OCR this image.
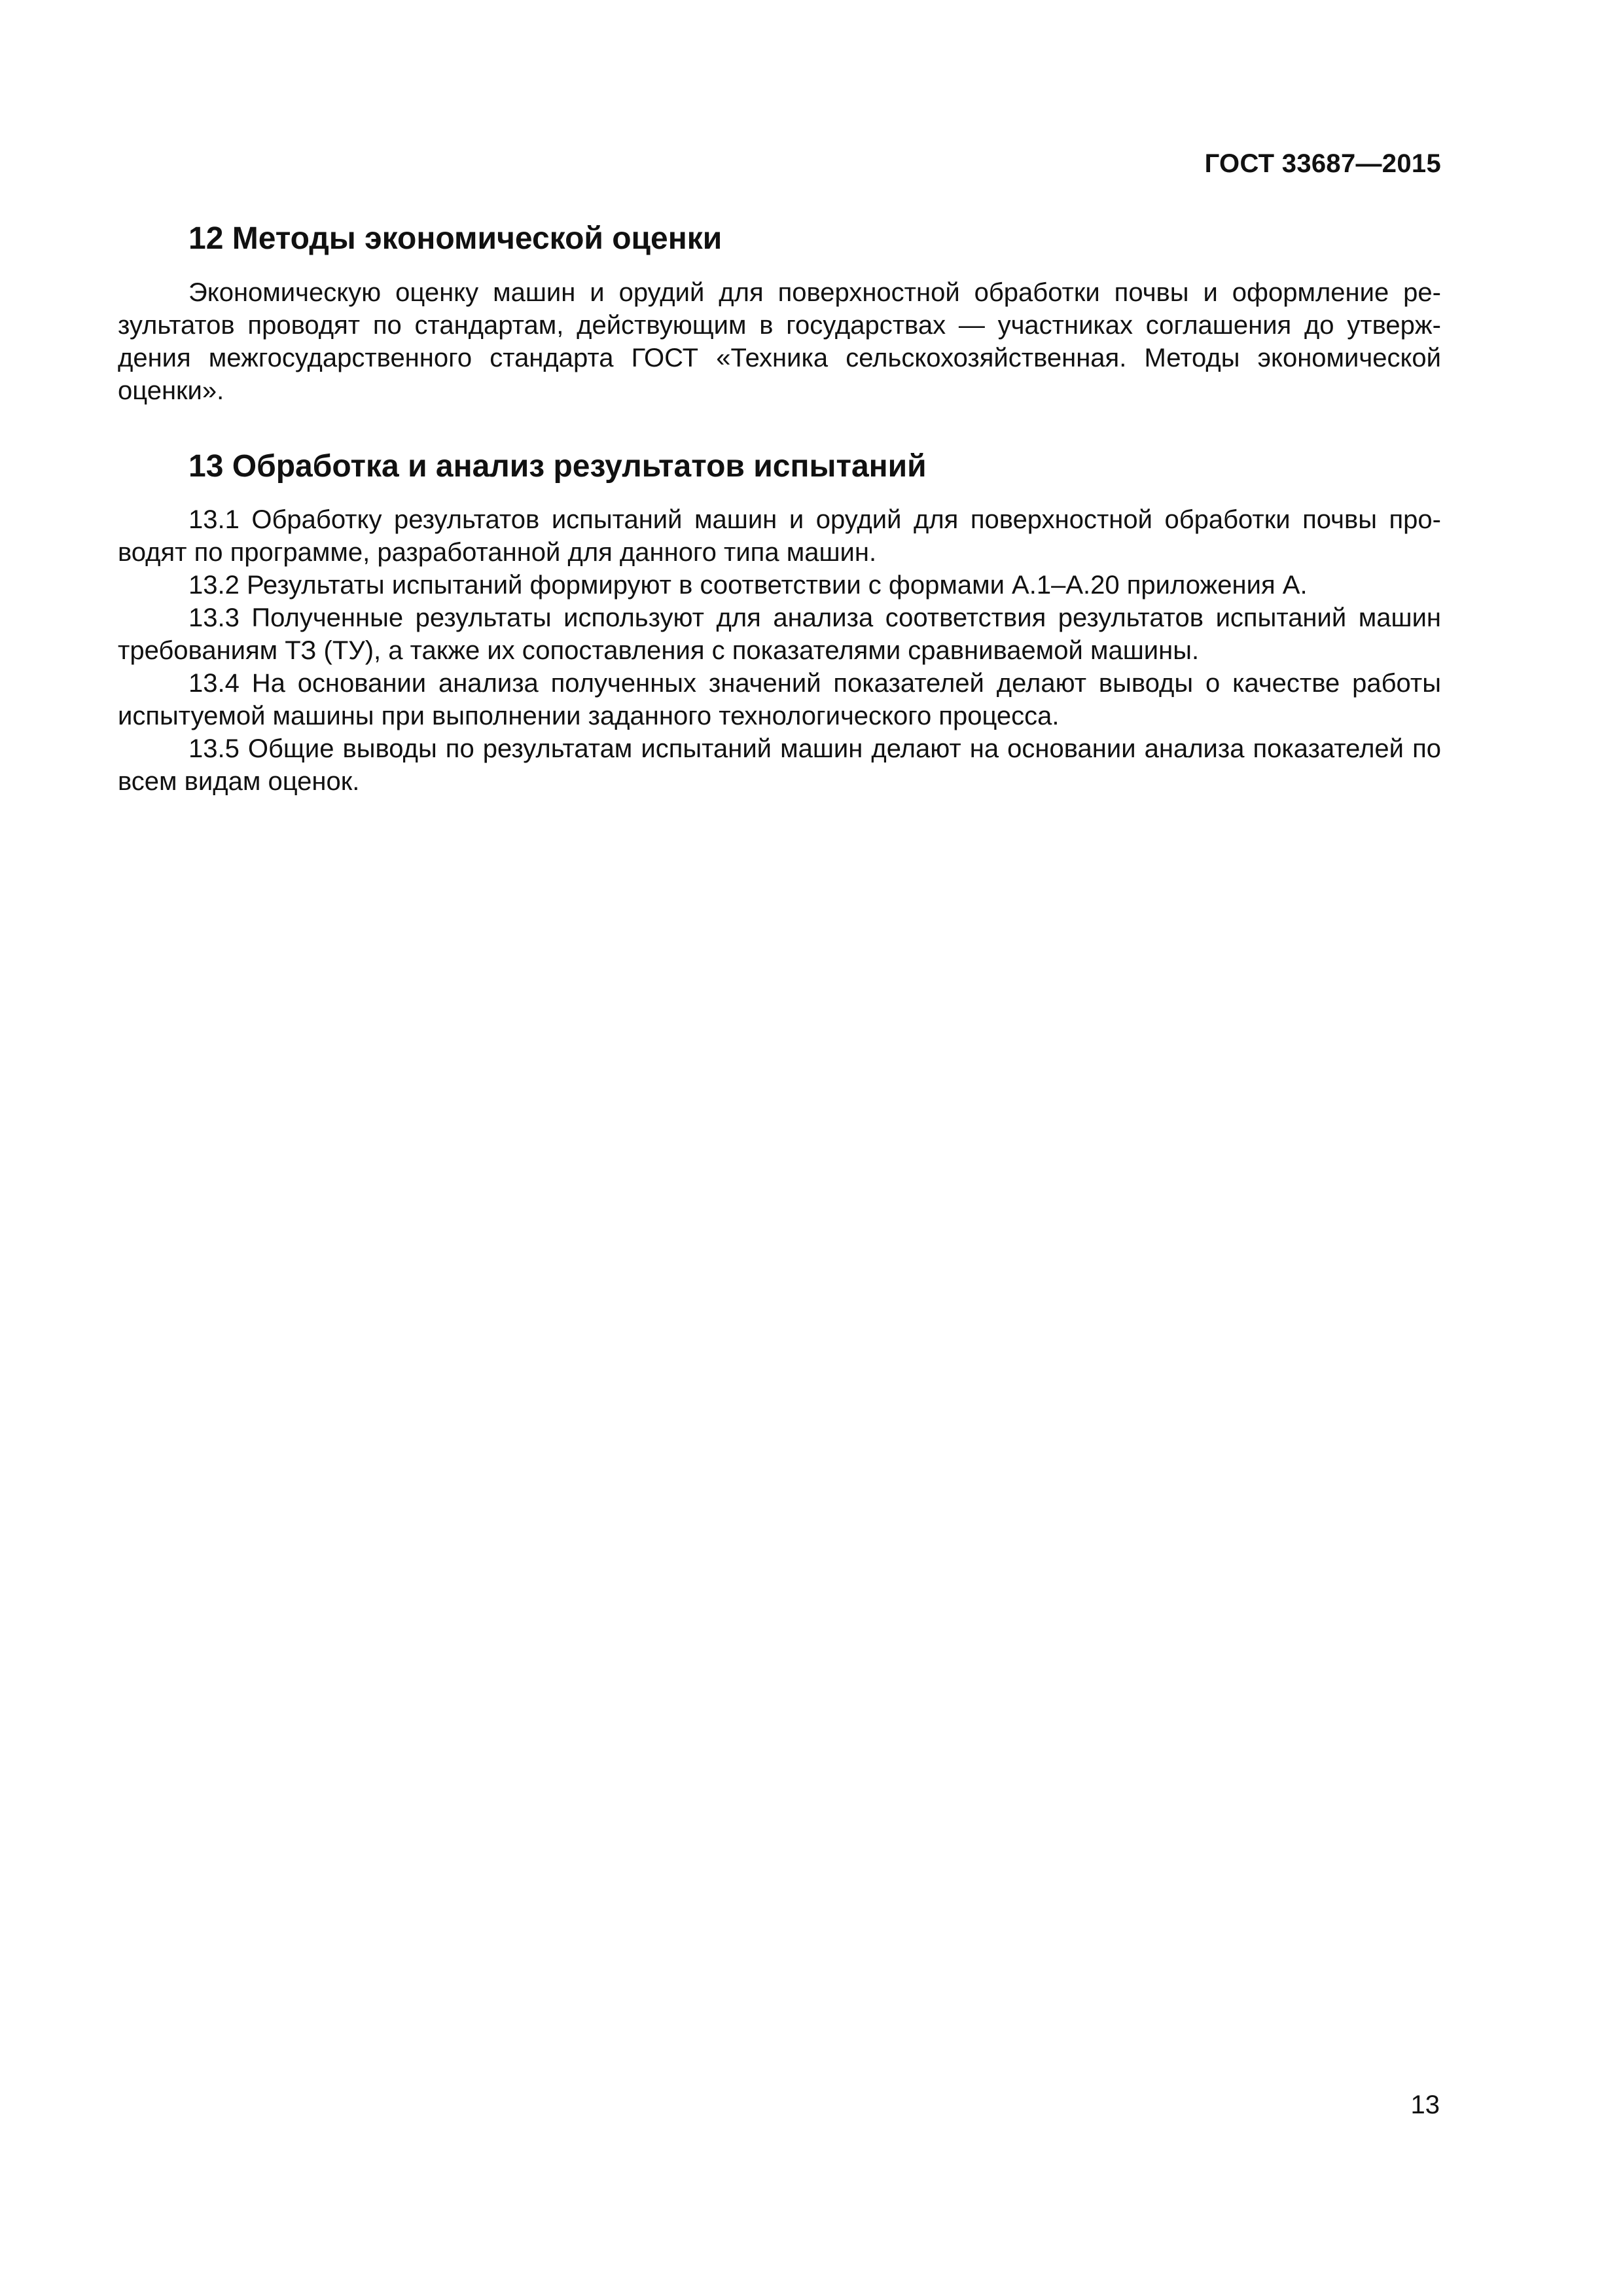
ГОСТ 33687—2015
12 Методы экономической оценки

Экономическую оценку машин и орудий для поверхностной обработки почвы и оформление результатов проводят по стандартам, действующим в государствах — участниках соглашения до утверждения межгосударственного стандарта ГОСТ «Техника сельскохозяйственная. Методы экономической оценки».

13 Обработка и анализ результатов испытаний

13.1 Обработку результатов испытаний машин и орудий для поверхностной обработки почвы проводят по программе, разработанной для данного типа машин.

13.2 Результаты испытаний формируют в соответствии с формами А.1–А.20 приложения А.

13.3 Полученные результаты используют для анализа соответствия результатов испытаний машин требованиям ТЗ (ТУ), а также их сопоставления с показателями сравниваемой машины.

13.4 На основании анализа полученных значений показателей делают выводы о качестве работы испытуемой машины при выполнении заданного технологического процесса.

13.5 Общие выводы по результатам испытаний машин делают на основании анализа показателей по всем видам оценок.

13
